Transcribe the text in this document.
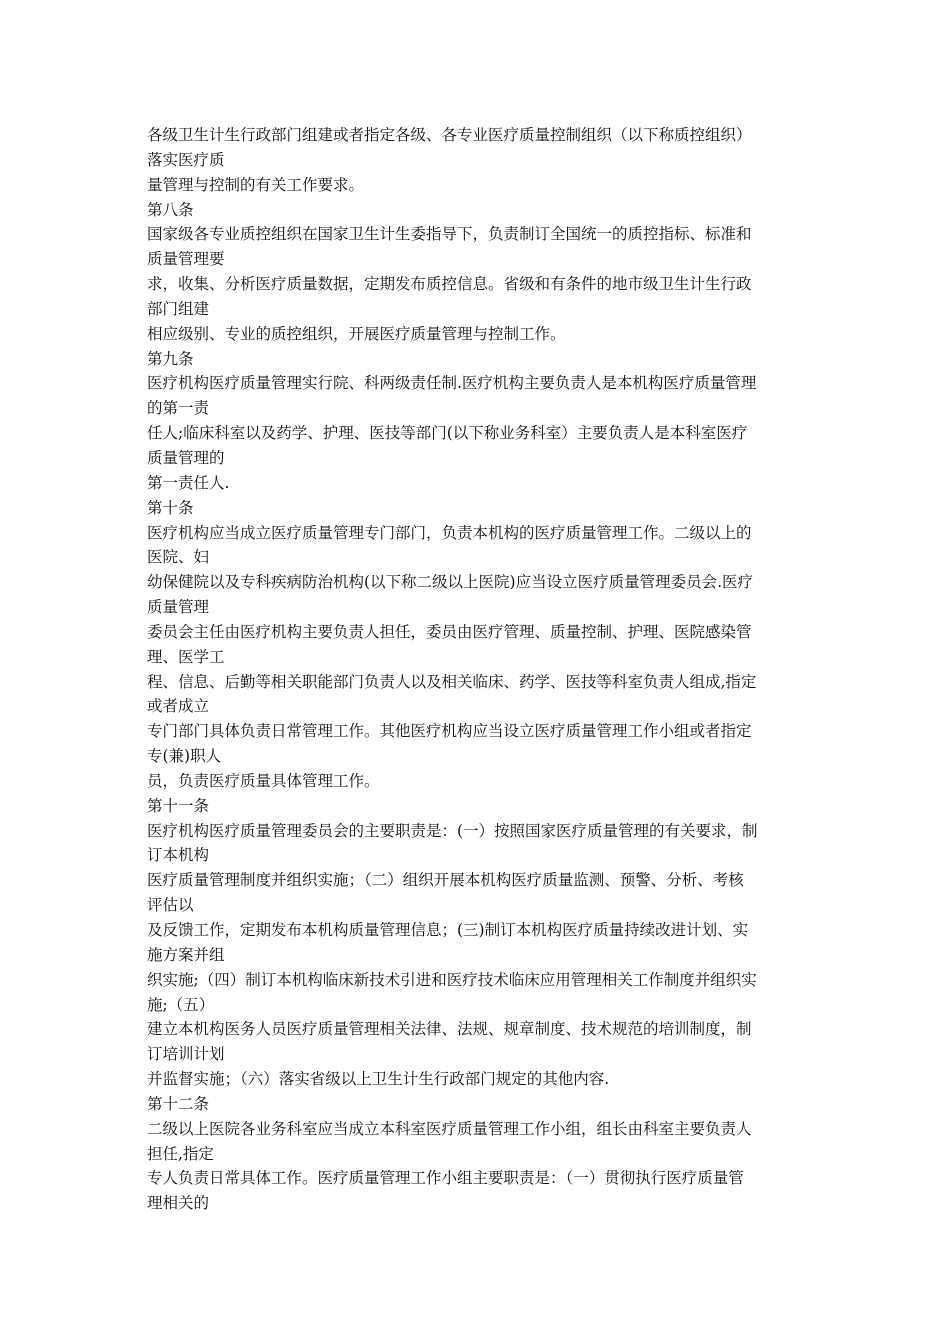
各级卫生计生行政部门组建或者指定各级、各专业医疗质量控制组织（以下称质控组织）
落实医疗质
量管理与控制的有关工作要求。
第八条
国家级各专业质控组织在国家卫生计生委指导下，负责制订全国统一的质控指标、标准和
质量管理要
求，收集、分析医疗质量数据，定期发布质控信息。省级和有条件的地市级卫生计生行政
部门组建
相应级别、专业的质控组织，开展医疗质量管理与控制工作。
第九条
医疗机构医疗质量管理实行院、科两级责任制.医疗机构主要负责人是本机构医疗质量管理
的第一责
任人;临床科室以及药学、护理、医技等部门(以下称业务科室）主要负责人是本科室医疗
质量管理的
第一责任人.
第十条
医疗机构应当成立医疗质量管理专门部门，负责本机构的医疗质量管理工作。二级以上的
医院、妇
幼保健院以及专科疾病防治机构(以下称二级以上医院)应当设立医疗质量管理委员会.医疗
质量管理
委员会主任由医疗机构主要负责人担任，委员由医疗管理、质量控制、护理、医院感染管
理、医学工
程、信息、后勤等相关职能部门负责人以及相关临床、药学、医技等科室负责人组成,指定
或者成立
专门部门具体负责日常管理工作。其他医疗机构应当设立医疗质量管理工作小组或者指定
专(兼)职人
员，负责医疗质量具体管理工作。
第十一条
医疗机构医疗质量管理委员会的主要职责是：(一）按照国家医疗质量管理的有关要求，制
订本机构
医疗质量管理制度并组织实施；（二）组织开展本机构医疗质量监测、预警、分析、考核
评估以
及反馈工作，定期发布本机构质量管理信息；(三)制订本机构医疗质量持续改进计划、实
施方案并组
织实施;（四）制订本机构临床新技术引进和医疗技术临床应用管理相关工作制度并组织实
施;（五）
建立本机构医务人员医疗质量管理相关法律、法规、规章制度、技术规范的培训制度，制
订培训计划
并监督实施；（六）落实省级以上卫生计生行政部门规定的其他内容.
第十二条
二级以上医院各业务科室应当成立本科室医疗质量管理工作小组，组长由科室主要负责人
担任,指定
专人负责日常具体工作。医疗质量管理工作小组主要职责是：（一）贯彻执行医疗质量管
理相关的
